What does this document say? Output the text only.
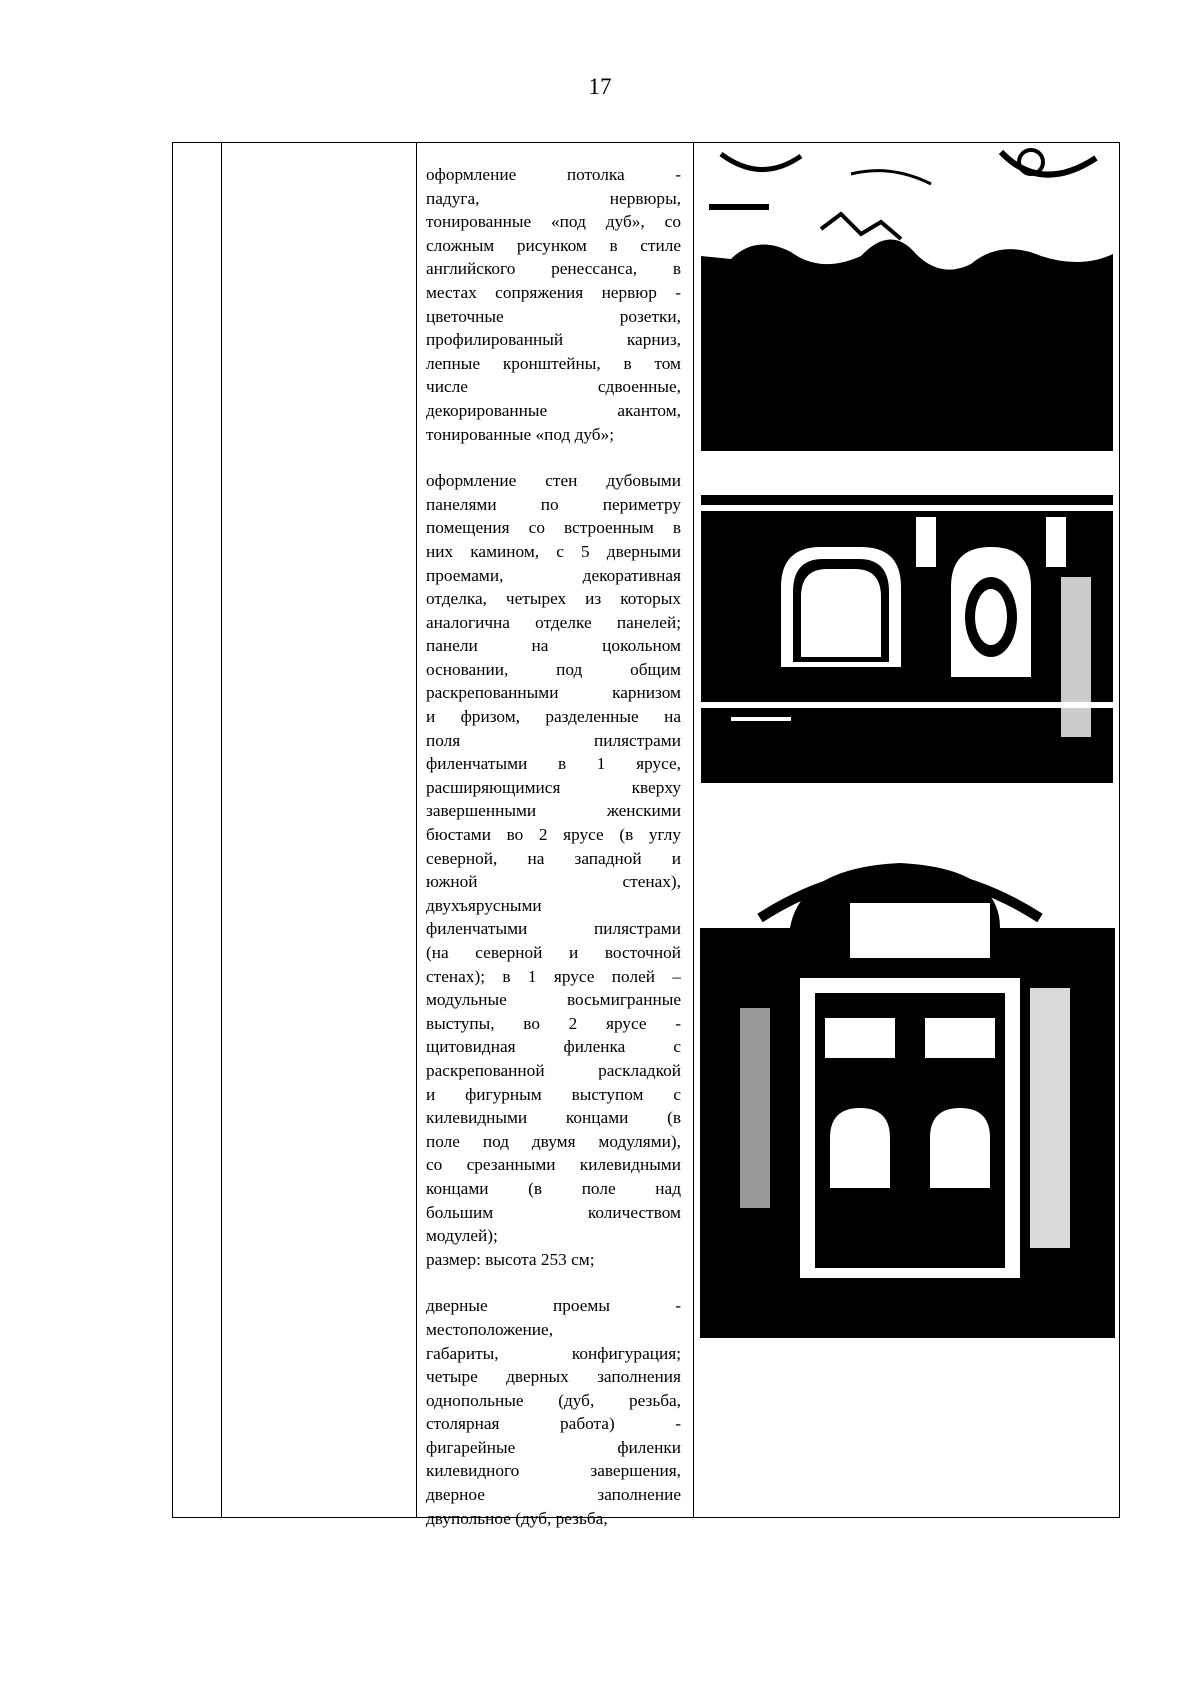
17

оформление потолка -

падуга, нервюры,

тонированные «под дуб», со

сложным рисунком в стиле

английского ренессанса, в

местах сопряжения нервюр -

цветочные розетки,

профилированный карниз,

лепные кронштейны, в том

числе сдвоенные,

декорированные акантом,

тонированные «под дуб»;

оформление стен дубовыми

панелями по периметру

помещения со встроенным в

них камином, с 5 дверными

проемами, декоративная

отделка, четырех из которых

аналогична отделке панелей;

панели на цокольном

основании, под общим

раскрепованными карнизом

и фризом, разделенные на

поля пилястрами

филенчатыми в 1 ярусе,

расширяющимися кверху

завершенными женскими

бюстами во 2 ярусе (в углу

северной, на западной и

южной стенах),

двухъярусными

филенчатыми пилястрами

(на северной и восточной

стенах); в 1 ярусе полей –

модульные восьмигранные

выступы, во 2 ярусе -

щитовидная филенка с

раскрепованной раскладкой

и фигурным выступом с

килевидными концами (в

поле под двумя модулями),

со срезанными килевидными

концами (в поле над

большим количеством

модулей);

размер: высота 253 см;

дверные проемы -

местоположение,

габариты, конфигурация;

четыре дверных заполнения

однопольные (дуб, резьба,

столярная работа) -

фигарейные филенки

килевидного завершения,

дверное заполнение

двупольное (дуб, резьба,
